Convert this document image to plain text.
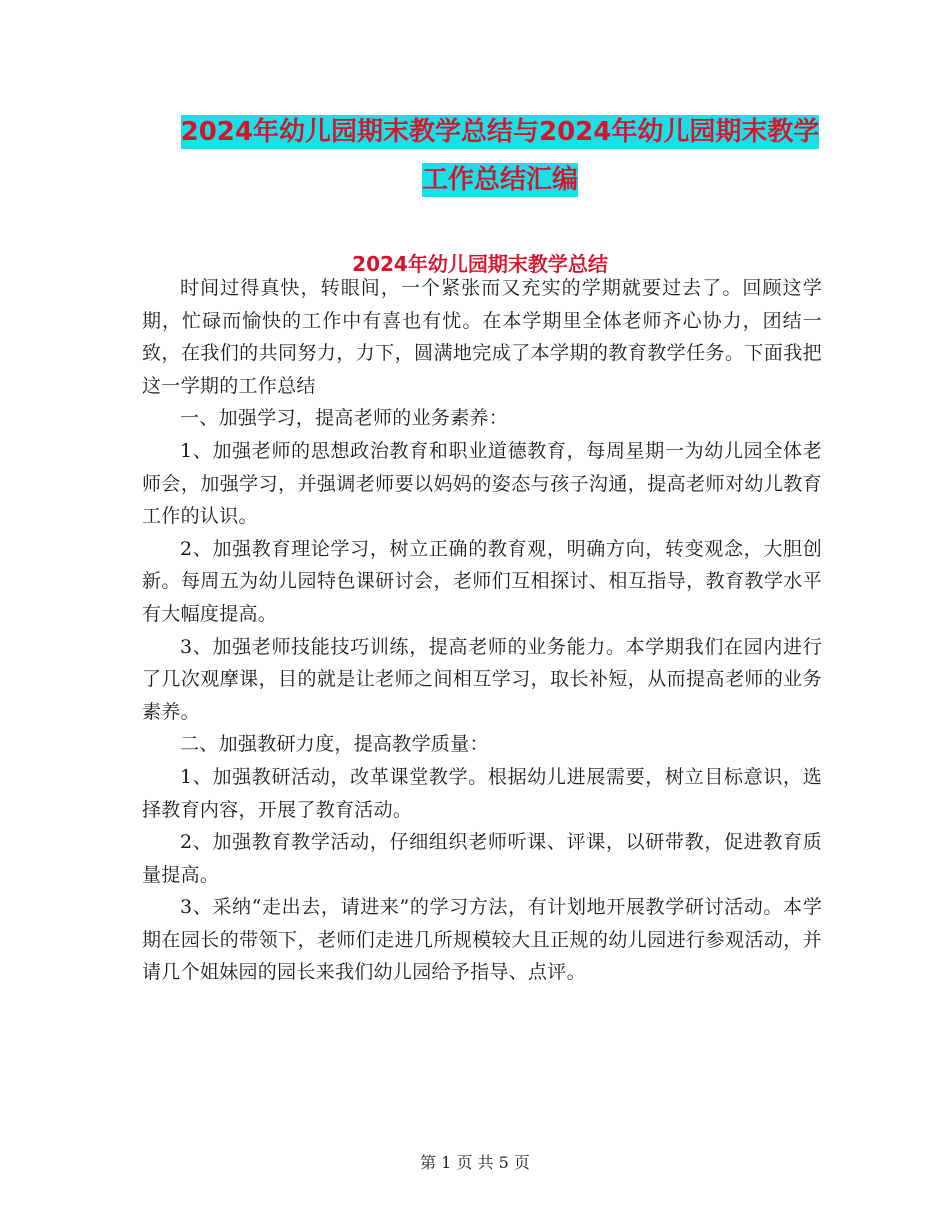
2024年幼儿园期末教学总结与2024年幼儿园期末教学
工作总结汇编
2024年幼儿园期末教学总结

时间过得真快，转眼间，一个紧张而又充实的学期就要过去了。回顾这学期，忙碌而愉快的工作中有喜也有忧。在本学期里全体老师齐心协力，团结一致，在我们的共同努力，力下，圆满地完成了本学期的教育教学任务。下面我把这一学期的工作总结

一、加强学习，提高老师的业务素养：

1、加强老师的思想政治教育和职业道德教育，每周星期一为幼儿园全体老师会，加强学习，并强调老师要以妈妈的姿态与孩子沟通，提高老师对幼儿教育工作的认识。

2、加强教育理论学习，树立正确的教育观，明确方向，转变观念，大胆创新。每周五为幼儿园特色课研讨会，老师们互相探讨、相互指导，教育教学水平有大幅度提高。

3、加强老师技能技巧训练，提高老师的业务能力。本学期我们在园内进行了几次观摩课，目的就是让老师之间相互学习，取长补短，从而提高老师的业务素养。

二、加强教研力度，提高教学质量：

1、加强教研活动，改革课堂教学。根据幼儿进展需要，树立目标意识，选择教育内容，开展了教育活动。

2、加强教育教学活动，仔细组织老师听课、评课，以研带教，促进教育质量提高。

3、采纳“走出去，请进来”的学习方法，有计划地开展教学研讨活动。本学期在园长的带领下，老师们走进几所规模较大且正规的幼儿园进行参观活动，并请几个姐妹园的园长来我们幼儿园给予指导、点评。

第 1 页 共 5 页
